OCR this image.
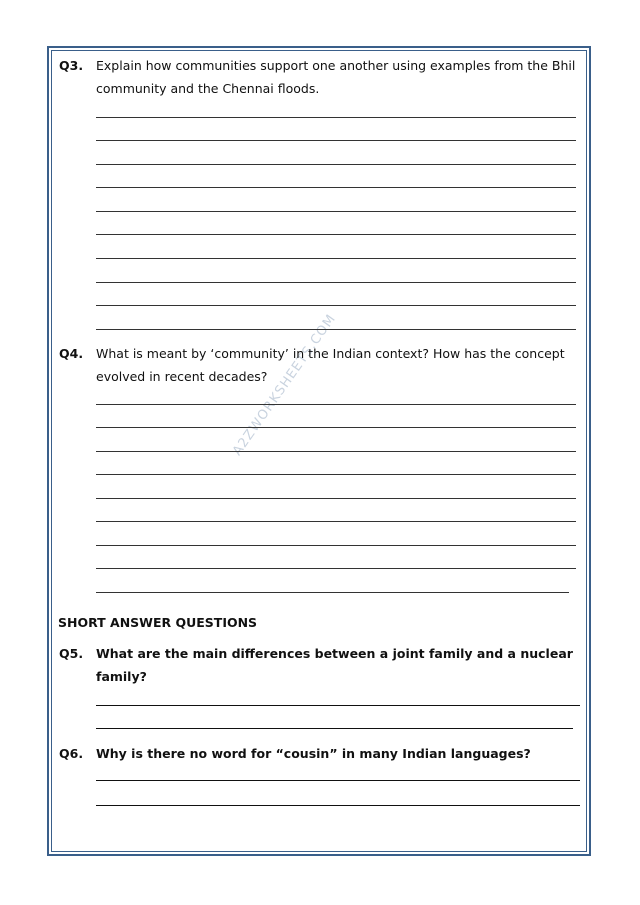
A2ZWORKSHEETS.COM
Q3. Explain how communities support one another using examples from the Bhil community and the Chennai floods.
Q4. What is meant by ‘community’ in the Indian context? How has the concept evolved in recent decades?
SHORT ANSWER QUESTIONS
Q5. What are the main differences between a joint family and a nuclear family?
Q6. Why is there no word for “cousin” in many Indian languages?
